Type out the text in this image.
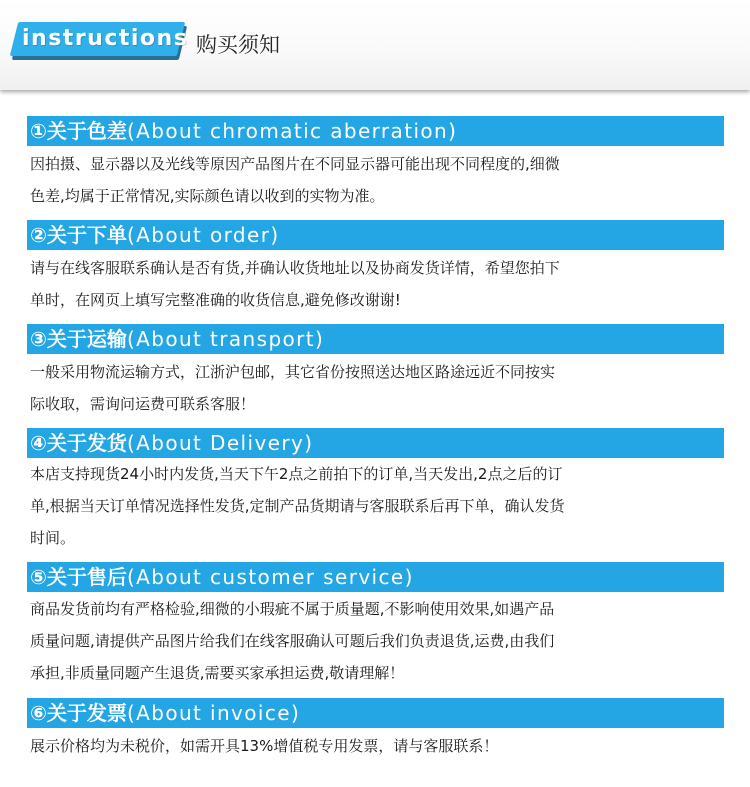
instructions 购买须知
①关于色差(About chromatic aberration)
因拍摄、显示器以及光线等原因产品图片在不同显示器可能出现不同程度的,细微
色差,均属于正常情况,实际颜色请以收到的实物为准。
②关于下单(About order)
请与在线客服联系确认是否有货,并确认收货地址以及协商发货详情，希望您拍下
单时，在网页上填写完整准确的收货信息,避免修改谢谢!
③关于运输(About transport)
一般采用物流运输方式，江浙沪包邮，其它省份按照送达地区路途远近不同按实
际收取，需询问运费可联系客服！
④关于发货(About Delivery)
本店支持现货24小时内发货,当天下午2点之前拍下的订单,当天发出,2点之后的订
单,根据当天订单情况选择性发货,定制产品货期请与客服联系后再下单，确认发货
时间。
⑤关于售后(About customer service)
商品发货前均有严格检验,细微的小瑕疵不属于质量题,不影响使用效果,如遇产品
质量问题,请提供产品图片给我们在线客服确认可题后我们负责退货,运费,由我们
承担,非质量同题产生退货,需要买家承担运费,敬请理解！
⑥关于发票(About invoice)
展示价格均为未税价，如需开具13%增值税专用发票，请与客服联系！
